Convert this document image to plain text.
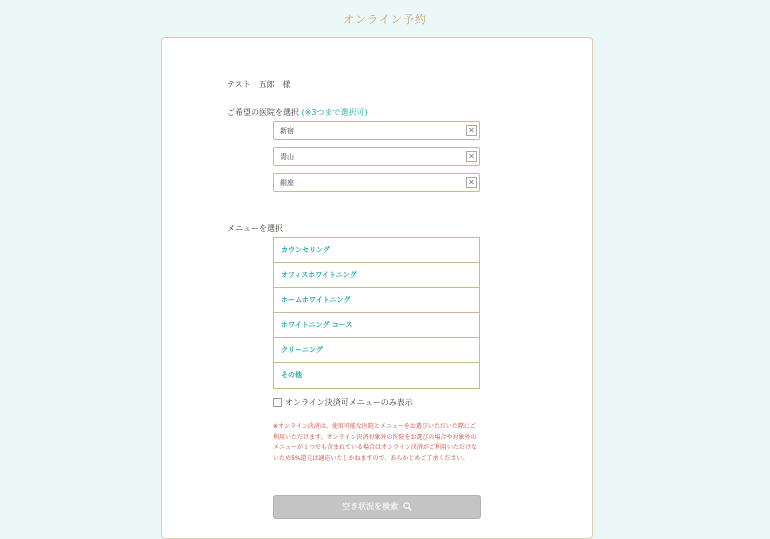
オンライン予約
テスト　五郎　様
ご希望の医院を選択 (※3つまで選択可)
新宿	✕
青山	✕
銀座	✕
メニューを選択
カウンセリング
オフィスホワイトニング
ホームホワイトニング
ホワイトニング コース
クリーニング
その他
オンライン決済可メニューのみ表示
※オンライン決済は、使用可能な医院とメニューをお選びいただいた際にご利用いただけます。オンライン決済対象外の医院をお選びの場合や対象外のメニューが１つでも含まれている場合はオンライン決済がご利用いただけないため5%還元は適応いたしかねますので、あらかじめご了承ください。
空き状況を検索
